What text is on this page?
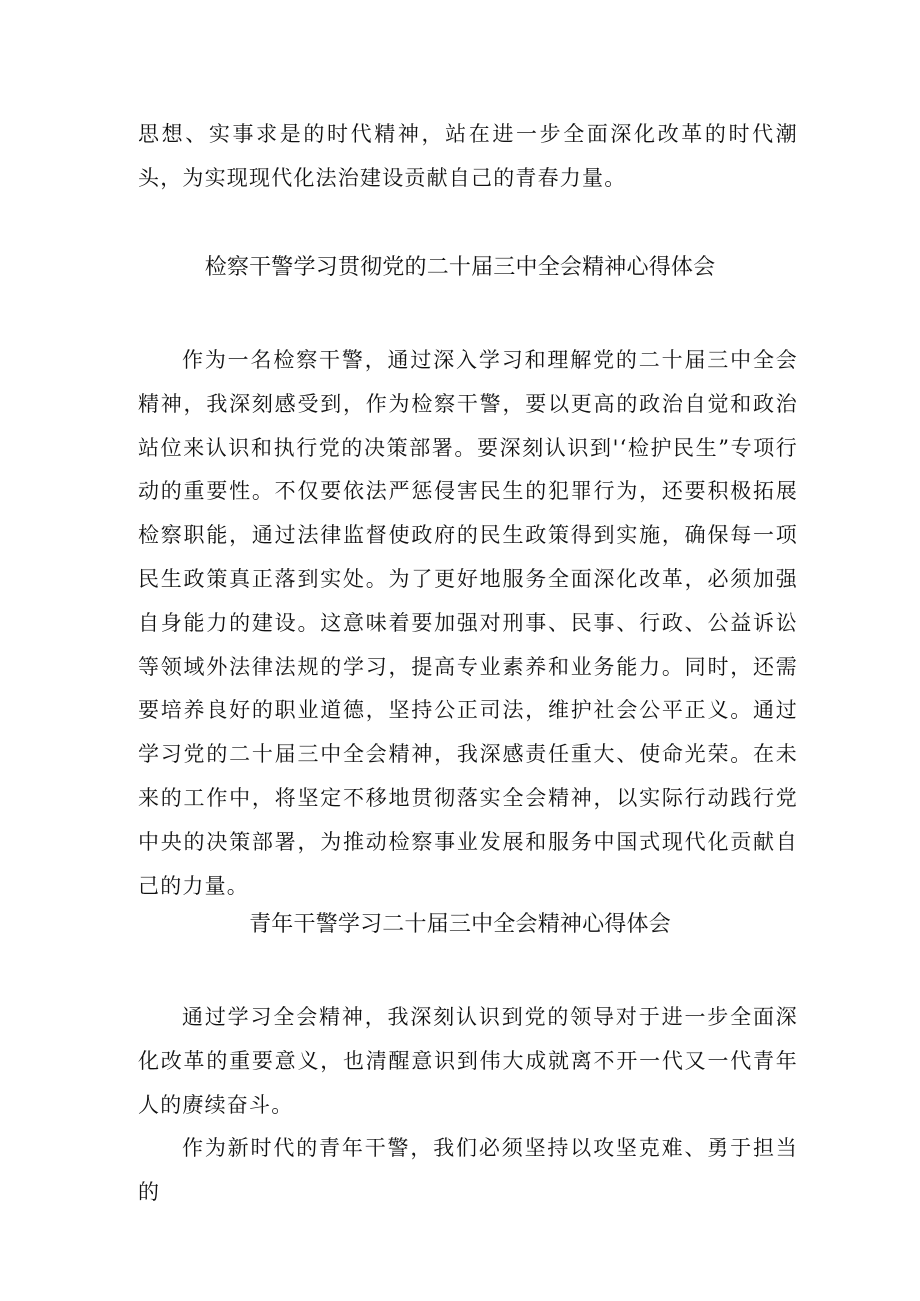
思想、实事求是的时代精神，站在进一步全面深化改革的时代潮头，为实现现代化法治建设贡献自己的青春力量。

检察干警学习贯彻党的二十届三中全会精神心得体会

作为一名检察干警，通过深入学习和理解党的二十届三中全会精神，我深刻感受到，作为检察干警，要以更高的政治自觉和政治站位来认识和执行党的决策部署。要深刻认识到'‘检护民生”专项行动的重要性。不仅要依法严惩侵害民生的犯罪行为，还要积极拓展检察职能，通过法律监督使政府的民生政策得到实施，确保每一项民生政策真正落到实处。为了更好地服务全面深化改革，必须加强自身能力的建设。这意味着要加强对刑事、民事、行政、公益诉讼等领域外法律法规的学习，提高专业素养和业务能力。同时，还需要培养良好的职业道德，坚持公正司法，维护社会公平正义。通过学习党的二十届三中全会精神，我深感责任重大、使命光荣。在未来的工作中，将坚定不移地贯彻落实全会精神，以实际行动践行党中央的决策部署，为推动检察事业发展和服务中国式现代化贡献自己的力量。

青年干警学习二十届三中全会精神心得体会

通过学习全会精神，我深刻认识到党的领导对于进一步全面深化改革的重要意义，也清醒意识到伟大成就离不开一代又一代青年人的赓续奋斗。

作为新时代的青年干警，我们必须坚持以攻坚克难、勇于担当的
